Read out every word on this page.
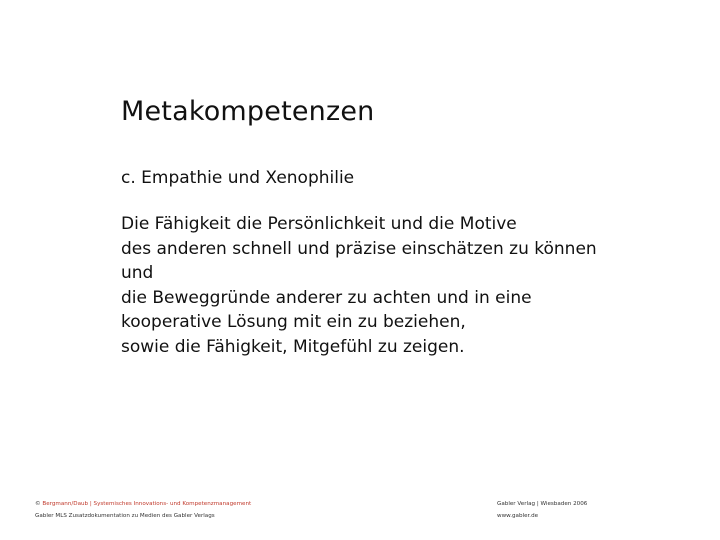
Metakompetenzen
c. Empathie und Xenophilie
Die Fähigkeit die Persönlichkeit und die Motive
des anderen schnell und präzise einschätzen zu können
und
die Beweggründe anderer zu achten und in eine
kooperative Lösung mit ein zu beziehen,
sowie die Fähigkeit, Mitgefühl zu zeigen.
© Bergmann/Daub | Systemisches Innovations- und Kompetenzmanagement
Gabler MLS Zusatzdokumentation zu Medien des Gabler Verlags
Gabler Verlag | Wiesbaden 2006
www.gabler.de
